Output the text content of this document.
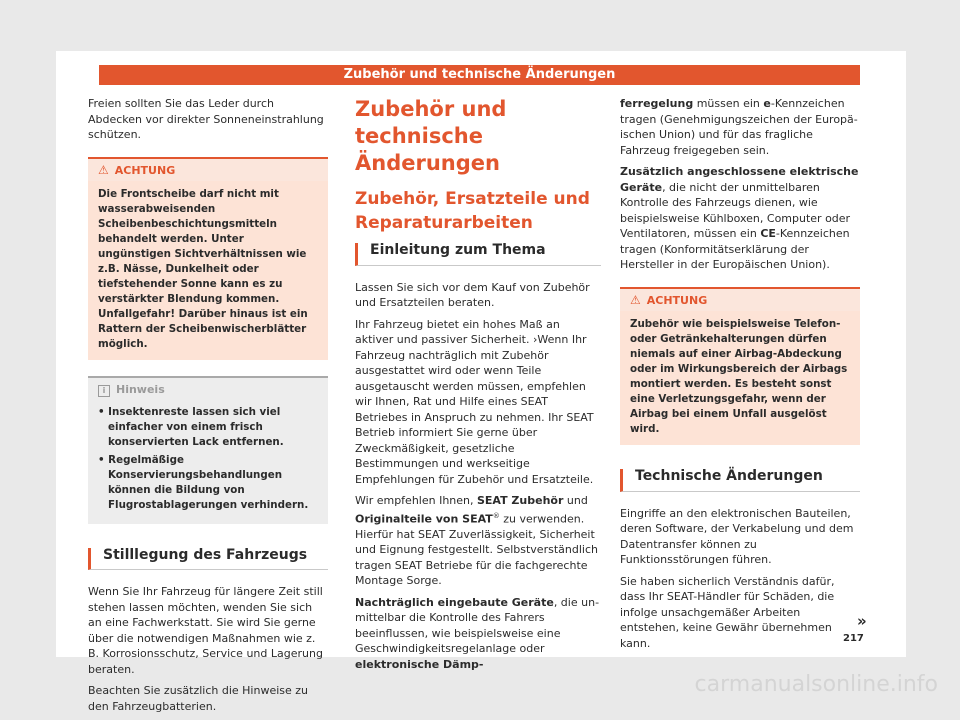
Zubehör und technische Änderungen

Freien sollten Sie das Leder durch Abdecken vor direkter Sonneneinstrahlung schützen.

⚠ ACHTUNG
Die Frontscheibe darf nicht mit wasserabweisenden Scheibenbeschichtungsmitteln behandelt werden. Unter ungünstigen Sichtverhältnissen wie z.B. Nässe, Dunkelheit oder tiefstehender Sonne kann es zu verstärkter Blendung kommen. Unfallgefahr! Darüber hinaus ist ein Rattern der Scheibenwischerblätter möglich.
i Hinweis
• Insektenreste lassen sich viel einfacher von einem frisch konservierten Lack entfernen.
• Regelmäßige Konservierungsbehandlungen können die Bildung von Flugrostablagerungen verhindern.
Stilllegung des Fahrzeugs

Wenn Sie Ihr Fahrzeug für längere Zeit still stehen lassen möchten, wenden Sie sich an eine Fachwerkstatt. Sie wird Sie gerne über die notwendigen Maßnahmen wie z. B. Korrosionsschutz, Service und Lagerung beraten.

Beachten Sie zusätzlich die Hinweise zu den Fahrzeugbatterien.

Zubehör und technische Änderungen
Zubehör, Ersatzteile und Reparaturarbeiten
Einleitung zum Thema

Lassen Sie sich vor dem Kauf von Zubehör und Ersatzteilen beraten.

Ihr Fahrzeug bietet ein hohes Maß an aktiver und passiver Sicherheit. ›Wenn Ihr Fahrzeug nachträglich mit Zubehör ausgestattet wird oder wenn Teile ausgetauscht werden müssen, empfehlen wir Ihnen, Rat und Hilfe eines SEAT Betriebes in Anspruch zu nehmen. Ihr SEAT Betrieb informiert Sie gerne über Zweckmäßigkeit, gesetzliche Bestimmungen und werkseitige Empfehlungen für Zubehör und Ersatzteile.

Wir empfehlen Ihnen, SEAT Zubehör und Originalteile von SEAT® zu verwenden. Hierfür hat SEAT Zuverlässigkeit, Sicherheit und Eignung festgestellt. Selbstverständlich tragen SEAT Betriebe für die fachgerechte Montage Sorge.

Nachträglich eingebaute Geräte, die unmittelbar die Kontrolle des Fahrers beeinflussen, wie beispielsweise eine Geschwindigkeitsregelanlage oder elektronische Dämp-

ferregelung müssen ein e-Kennzeichen tragen (Genehmigungszeichen der Europäischen Union) und für das fragliche Fahrzeug freigegeben sein.

Zusätzlich angeschlossene elektrische Geräte, die nicht der unmittelbaren Kontrolle des Fahrzeugs dienen, wie beispielsweise Kühlboxen, Computer oder Ventilatoren, müssen ein CE-Kennzeichen tragen (Konformitätserklärung der Hersteller in der Europäischen Union).

⚠ ACHTUNG
Zubehör wie beispielsweise Telefon- oder Getränkehalterungen dürfen niemals auf einer Airbag-Abdeckung oder im Wirkungsbereich der Airbags montiert werden. Es besteht sonst eine Verletzungsgefahr, wenn der Airbag bei einem Unfall ausgelöst wird.
Technische Änderungen

Eingriffe an den elektronischen Bauteilen, deren Software, der Verkabelung und dem Datentransfer können zu Funktionsstörungen führen.

Sie haben sicherlich Verständnis dafür, dass Ihr SEAT-Händler für Schäden, die infolge unsachgemäßer Arbeiten entstehen, keine Gewähr übernehmen kann.

»
217
carmanualsonline.info
